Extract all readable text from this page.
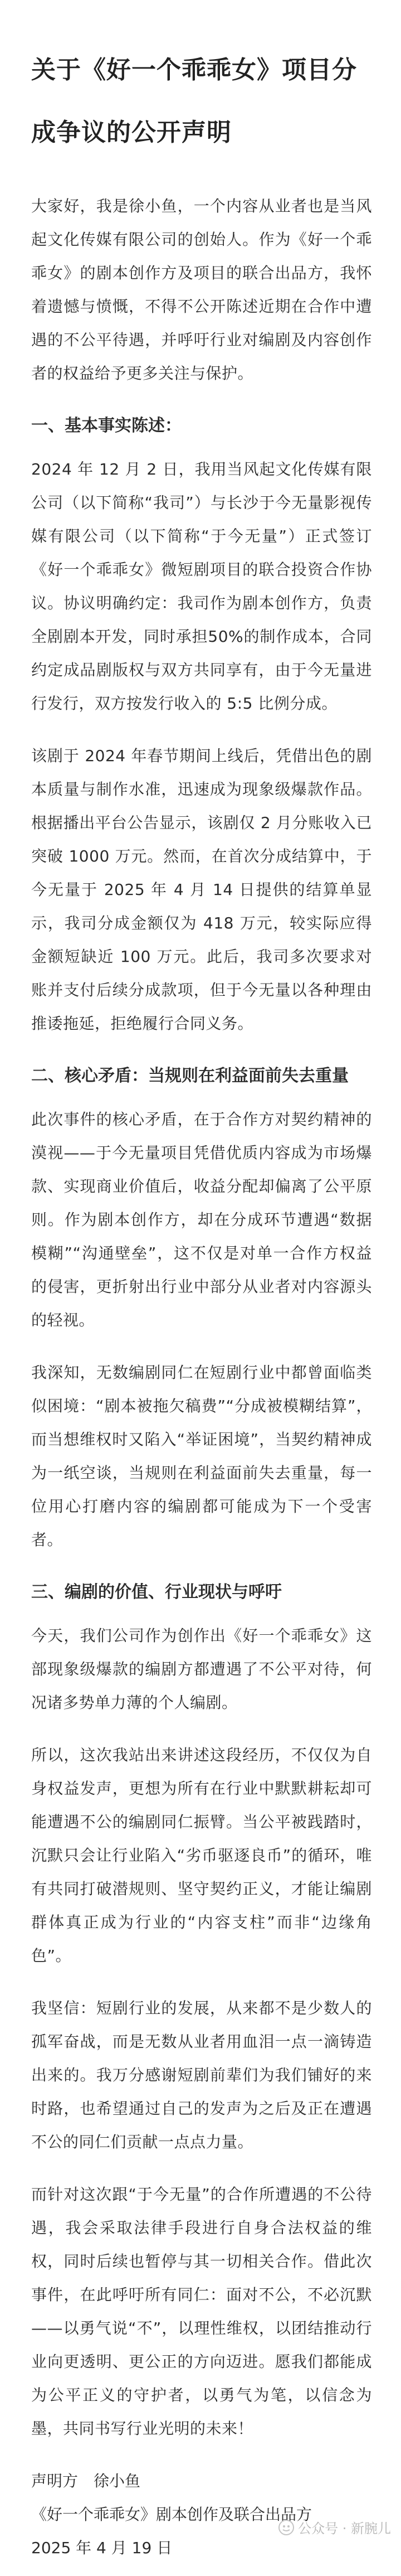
关于《好一个乖乖女》项目分成争议的公开声明

大家好，我是徐小鱼，一个内容从业者也是当风起文化传媒有限公司的创始人。作为《好一个乖乖女》的剧本创作方及项目的联合出品方，我怀着遗憾与愤慨，不得不公开陈述近期在合作中遭遇的不公平待遇，并呼吁行业对编剧及内容创作者的权益给予更多关注与保护。

一、基本事实陈述：

2024 年 12 月 2 日，我用当风起文化传媒有限公司（以下简称“我司”）与长沙于今无量影视传媒有限公司（以下简称“于今无量”）正式签订《好一个乖乖女》微短剧项目的联合投资合作协议。协议明确约定：我司作为剧本创作方，负责全剧剧本开发，同时承担50%的制作成本，合同约定成品剧版权与双方共同享有，由于今无量进行发行，双方按发行收入的 5:5 比例分成。

该剧于 2024 年春节期间上线后，凭借出色的剧本质量与制作水准，迅速成为现象级爆款作品。根据播出平台公告显示，该剧仅 2 月分账收入已突破 1000 万元。然而，在首次分成结算中，于今无量于 2025 年 4 月 14 日提供的结算单显示，我司分成金额仅为 418 万元，较实际应得金额短缺近 100 万元。此后，我司多次要求对账并支付后续分成款项，但于今无量以各种理由推诿拖延，拒绝履行合同义务。

二、核心矛盾：当规则在利益面前失去重量

此次事件的核心矛盾，在于合作方对契约精神的漠视——于今无量项目凭借优质内容成为市场爆款、实现商业价值后，收益分配却偏离了公平原则。作为剧本创作方，却在分成环节遭遇“数据模糊”“沟通壁垒”，这不仅是对单一合作方权益的侵害，更折射出行业中部分从业者对内容源头的轻视。

我深知，无数编剧同仁在短剧行业中都曾面临类似困境：“剧本被拖欠稿费”“分成被模糊结算”，而当想维权时又陷入“举证困境”，当契约精神成为一纸空谈，当规则在利益面前失去重量，每一位用心打磨内容的编剧都可能成为下一个受害者。

三、编剧的价值、行业现状与呼吁

今天，我们公司作为创作出《好一个乖乖女》这部现象级爆款的编剧方都遭遇了不公平对待，何况诸多势单力薄的个人编剧。

所以，这次我站出来讲述这段经历，不仅仅为自身权益发声，更想为所有在行业中默默耕耘却可能遭遇不公的编剧同仁振臂。当公平被践踏时，沉默只会让行业陷入“劣币驱逐良币”的循环，唯有共同打破潜规则、坚守契约正义，才能让编剧群体真正成为行业的“内容支柱”而非“边缘角色”。

我坚信：短剧行业的发展，从来都不是少数人的孤军奋战，而是无数从业者用血泪一点一滴铸造出来的。我万分感谢短剧前辈们为我们铺好的来时路，也希望通过自己的发声为之后及正在遭遇不公的同仁们贡献一点点力量。

而针对这次跟“于今无量”的合作所遭遇的不公待遇，我会采取法律手段进行自身合法权益的维权，同时后续也暂停与其一切相关合作。借此次事件，在此呼吁所有同仁：面对不公，不必沉默——以勇气说“不”，以理性维权，以团结推动行业向更透明、更公正的方向迈进。愿我们都能成为公平正义的守护者，以勇气为笔，以信念为墨，共同书写行业光明的未来！

声明方　徐小鱼

《好一个乖乖女》剧本创作及联合出品方

2025 年 4 月 19 日

公众号 · 新腕儿
